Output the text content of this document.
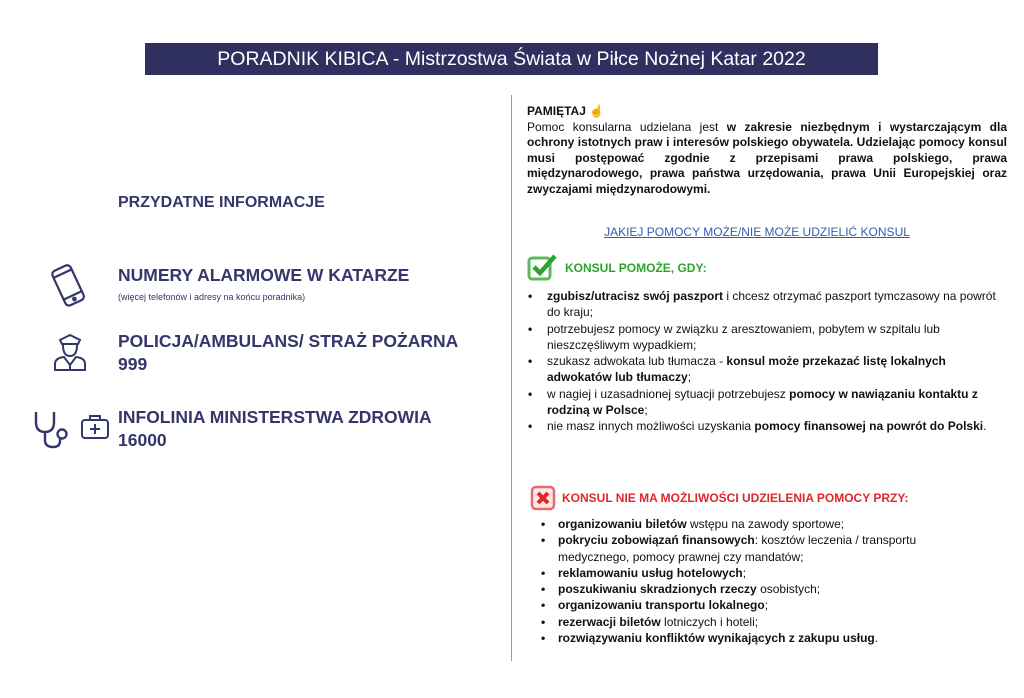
PORADNIK KIBICA - Mistrzostwa Świata w Piłce Nożnej Katar 2022
PRZYDATNE INFORMACJE
NUMERY ALARMOWE W KATARZE
(więcej telefonów i adresy na końcu poradnika)
POLICJA/AMBULANS/ STRAŻ POŻARNA
999
INFOLINIA MINISTERSTWA ZDROWIA
16000
PAMIĘTAJ ☝

Pomoc konsularna udzielana jest w zakresie niezbędnym i wystarczającym dla ochrony istotnych praw i interesów polskiego obywatela. Udzielając pomocy konsul musi postępować zgodnie z przepisami prawa polskiego, prawa międzynarodowego, prawa państwa urzędowania, prawa Unii Europejskiej oraz zwyczajami międzynarodowymi.

JAKIEJ POMOCY MOŻE/NIE MOŻE UDZIELIĆ KONSUL
KONSUL POMOŻE, GDY:
• zgubisz/utracisz swój paszport i chcesz otrzymać paszport tymczasowy na powrót do kraju;
• potrzebujesz pomocy w związku z aresztowaniem, pobytem w szpitalu lub nieszczęśliwym wypadkiem;
• szukasz adwokata lub tłumacza - konsul może przekazać listę lokalnych adwokatów lub tłumaczy;
• w nagiej i uzasadnionej sytuacji potrzebujesz pomocy w nawiązaniu kontaktu z rodziną w Polsce;
• nie masz innych możliwości uzyskania pomocy finansowej na powrót do Polski.
KONSUL NIE MA MOŻLIWOŚCI UDZIELENIA POMOCY PRZY:
• organizowaniu biletów wstępu na zawody sportowe;
• pokryciu zobowiązań finansowych: kosztów leczenia / transportu medycznego, pomocy prawnej czy mandatów;
• reklamowaniu usług hotelowych;
• poszukiwaniu skradzionych rzeczy osobistych;
• organizowaniu transportu lokalnego;
• rezerwacji biletów lotniczych i hoteli;
• rozwiązywaniu konfliktów wynikających z zakupu usług.
